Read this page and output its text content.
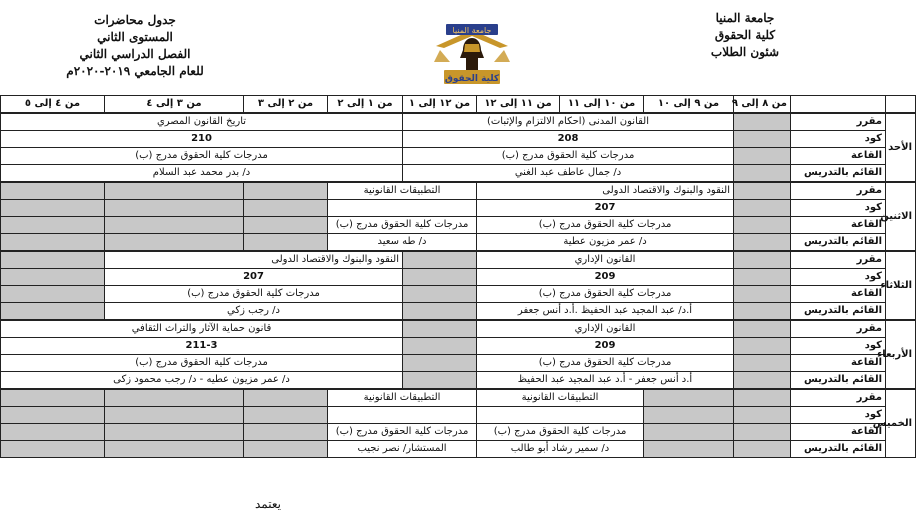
جامعة المنيا
كلية الحقوق
شئون الطلاب
جامعة المنيا
كلية الحقوق
جدول محاضرات
المستوى الثاني
الفصل الدراسي الثاني
للعام الجامعي ٢٠١٩-٢٠٢٠م
		من ٨ إلى ٩	من ٩ إلى ١٠	من ١٠ إلى ١١	من ١١ إلى ١٢	من ١٢ إلى ١	من ١ إلى ٢	من ٢ إلى ٣	من ٣ إلى ٤	من ٤ إلى ٥	
الأحد	مقرر		القانون المدنى (احكام الالتزام والإثبات)				تاريخ القانون المصري				
	كود		208				210				
	القاعة		مدرجات كلية الحقوق مدرج (ب)				مدرجات كلية الحقوق مدرج (ب)				
	القائم بالتدريس		د/ جمال عاطف عبد الغني				د/ بدر محمد عبد السلام				
الاثنين	مقرر		النقود والبنوك والاقتصاد الدولى			التطبيقات القانونية					
	كود		207								
	القاعة		مدرجات كلية الحقوق مدرج (ب)			مدرجات كلية الحقوق مدرج (ب)					
	القائم بالتدريس		د/ عمر مزيون عطية			د/ طه سعيد					
الثلاثاء	مقرر		القانون الإداري				النقود والبنوك والاقتصاد الدولى				
	كود		209				207				
	القاعة		مدرجات كلية الحقوق مدرج (ب)				مدرجات كلية الحقوق مدرج (ب)				
	القائم بالتدريس		أ.د/ عبد المجيد عبد الحفيظ .أ.د أنس جعفر				د/ رجب زكي				
الأربعاء	مقرر		القانون الإداري				قانون حماية الآثار والتراث الثقافي				
	كود		209				211-3				
	القاعة		مدرجات كلية الحقوق مدرج (ب)				مدرجات كلية الحقوق مدرج (ب)				
	القائم بالتدريس		أ.د أنس جعفر - أ.د عبد المجيد عبد الحفيظ				د/ عمر مزيون عطيه - د/ رجب محمود زكى				
الخميس	مقرر			التطبيقات القانونية		التطبيقات القانونية					
	كود										
	القاعة			مدرجات كلية الحقوق مدرج (ب)		مدرجات كلية الحقوق مدرج (ب)					
	القائم بالتدريس			د/ سمير رشاد أبو طالب		المستشار/ نصر نجيب					
يعتمد
